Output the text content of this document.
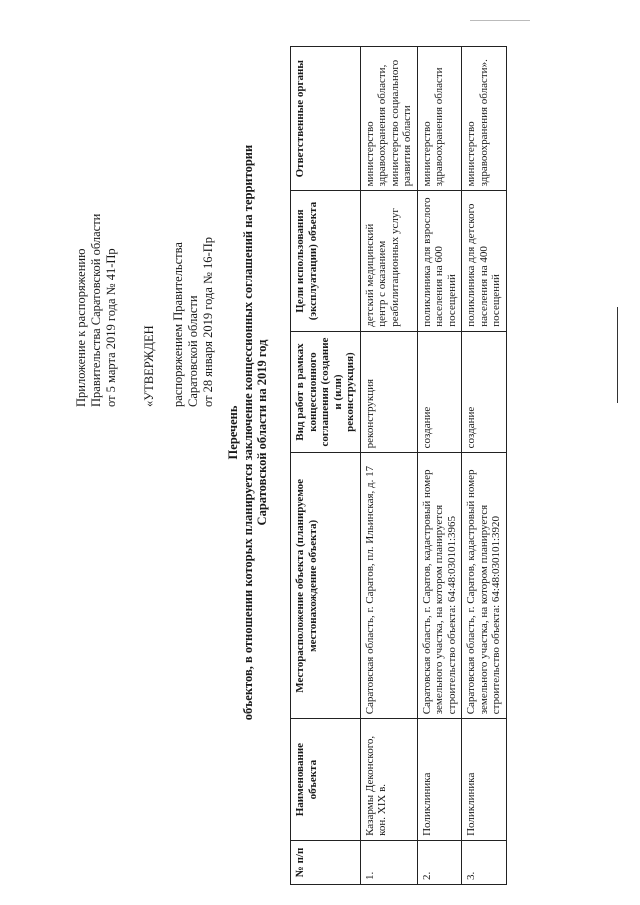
Приложение к распоряжению Правительства Саратовской области от 5 марта 2019 года № 41-Пр «УТВЕРЖДЕН распоряжением Правительства Саратовской области от 28 января 2019 года № 16-Пр
Перечень объектов, в отношении которых планируется заключение концессионных соглашений на территории Саратовской области на 2019 год
№ п/п	Наименование объекта	Месторасположение объекта (планируемое местонахождение объекта)	Вид работ в рамках концессионного соглашения (создание и (или) реконструкция)	Цели использования (эксплуатации) объекта	Ответственные органы
1.	Казармы Деконского, кон. XIX в.	Саратовская область, г. Саратов, пл. Ильинская, д. 17	реконструкция	детский медицинский центр с оказанием реабилитационных услуг	министерство здравоохранения области, министерство социального развития области
2.	Поликлиника	Саратовская область, г. Саратов, кадастровый номер земельного участка, на котором планируется строительство объекта: 64:48:030101:3965	создание	поликлиника для взрослого населения на 600 посещений	министерство здравоохранения области
3.	Поликлиника	Саратовская область, г. Саратов, кадастровый номер земельного участка, на котором планируется строительство объекта: 64:48:030101:3920	создание	поликлиника для детского населения на 400 посещений	министерство здравоохранения области».
